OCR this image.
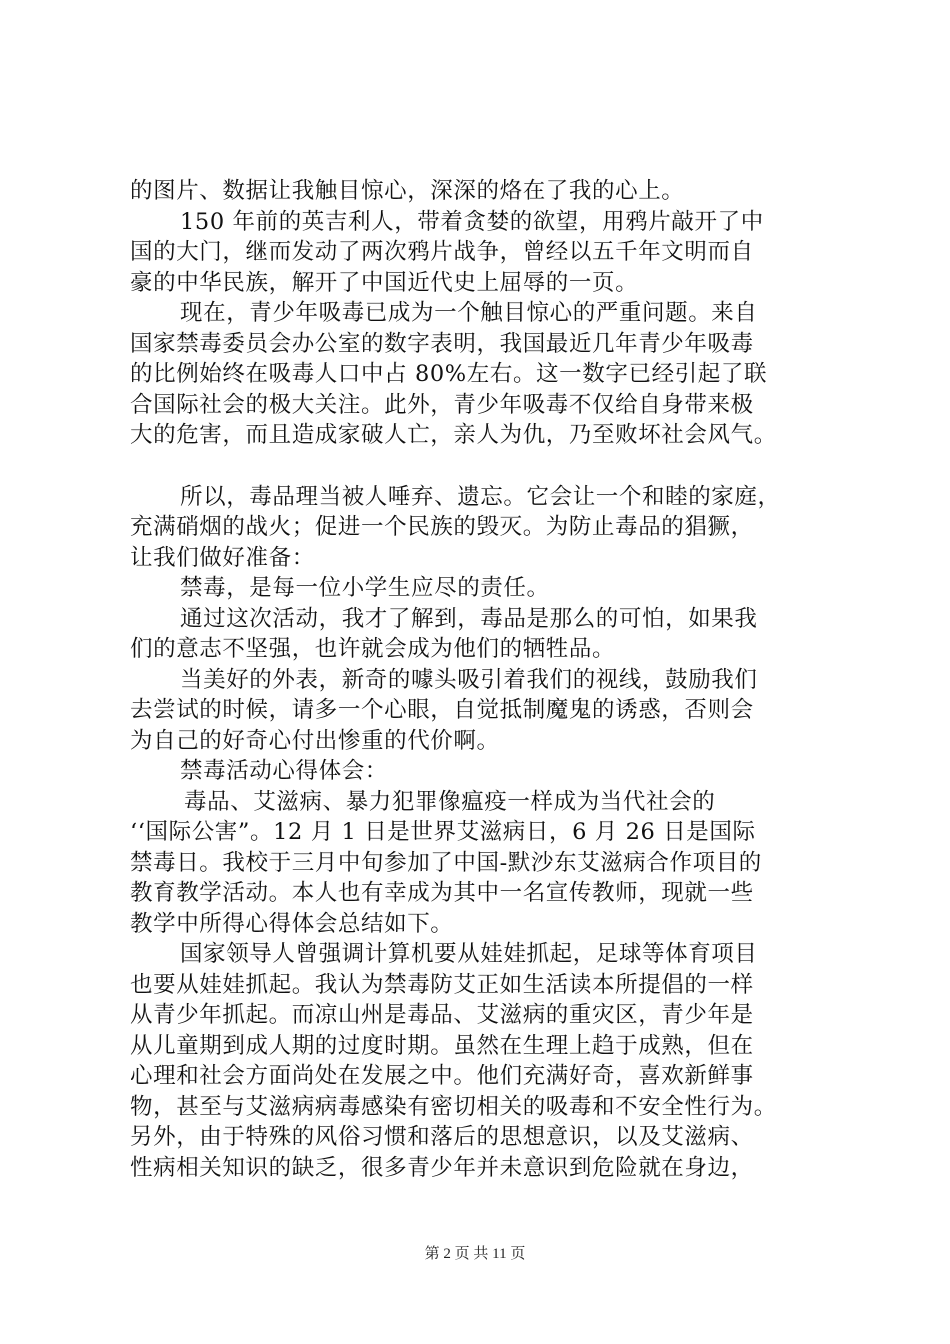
的图片、数据让我触目惊心，深深的烙在了我的心上。
150 年前的英吉利人，带着贪婪的欲望，用鸦片敲开了中
国的大门，继而发动了两次鸦片战争，曾经以五千年文明而自
豪的中华民族，解开了中国近代史上屈辱的一页。
现在，青少年吸毒已成为一个触目惊心的严重问题。来自
国家禁毒委员会办公室的数字表明，我国最近几年青少年吸毒
的比例始终在吸毒人口中占 80%左右。这一数字已经引起了联
合国际社会的极大关注。此外，青少年吸毒不仅给自身带来极
大的危害，而且造成家破人亡，亲人为仇，乃至败坏社会风气。
所以，毒品理当被人唾弃、遗忘。它会让一个和睦的家庭，
充满硝烟的战火；促进一个民族的毁灭。为防止毒品的猖獗，
让我们做好准备：
禁毒，是每一位小学生应尽的责任。
通过这次活动，我才了解到，毒品是那么的可怕，如果我
们的意志不坚强，也许就会成为他们的牺牲品。
当美好的外表，新奇的噱头吸引着我们的视线，鼓励我们
去尝试的时候，请多一个心眼，自觉抵制魔鬼的诱惑，否则会
为自己的好奇心付出惨重的代价啊。
禁毒活动心得体会：
毒品、艾滋病、暴力犯罪像瘟疫一样成为当代社会的
‘‘国际公害”。12 月 1 日是世界艾滋病日，6 月 26 日是国际
禁毒日。我校于三月中旬参加了中国-默沙东艾滋病合作项目的
教育教学活动。本人也有幸成为其中一名宣传教师，现就一些
教学中所得心得体会总结如下。
国家领导人曾强调计算机要从娃娃抓起，足球等体育项目
也要从娃娃抓起。我认为禁毒防艾正如生活读本所提倡的一样
从青少年抓起。而凉山州是毒品、艾滋病的重灾区，青少年是
从儿童期到成人期的过度时期。虽然在生理上趋于成熟，但在
心理和社会方面尚处在发展之中。他们充满好奇，喜欢新鲜事
物，甚至与艾滋病病毒感染有密切相关的吸毒和不安全性行为。
另外，由于特殊的风俗习惯和落后的思想意识，以及艾滋病、
性病相关知识的缺乏，很多青少年并未意识到危险就在身边，
第 2 页 共 11 页
